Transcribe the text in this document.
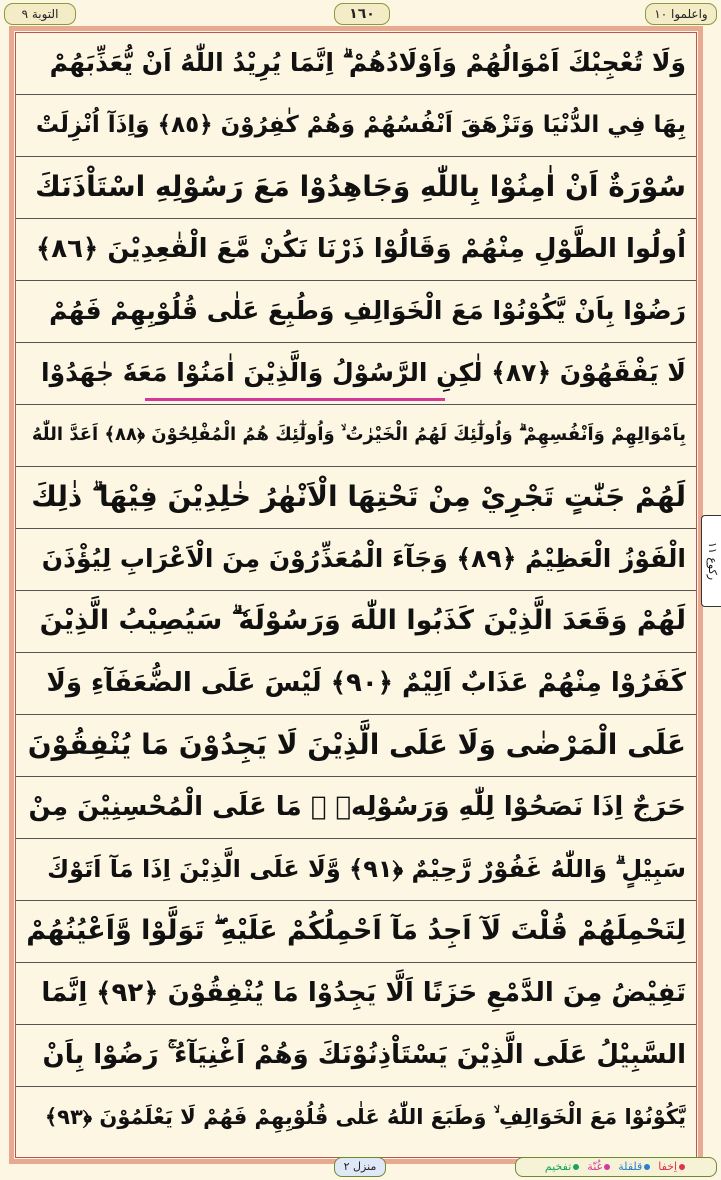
التوبة ٩	١٦٠	واعلموا ١٠
وَلَا تُعْجِبْكَ اَمْوَالُهُمْ وَاَوْلَادُهُمْ ۗ اِنَّمَا يُرِيْدُ اللّٰهُ اَنْ يُّعَذِّبَهُمْ
بِهَا فِي الدُّنْيَا وَتَزْهَقَ اَنْفُسُهُمْ وَهُمْ كٰفِرُوْنَ ﴿٨٥﴾ وَاِذَآ اُنْزِلَتْ
سُوْرَةٌ اَنْ اٰمِنُوْا بِاللّٰهِ وَجَاهِدُوْا مَعَ رَسُوْلِهِ اسْتَاْذَنَكَ
اُولُوا الطَّوْلِ مِنْهُمْ وَقَالُوْا ذَرْنَا نَكُنْ مَّعَ الْقٰعِدِيْنَ ﴿٨٦﴾
رَضُوْا بِاَنْ يَّكُوْنُوْا مَعَ الْخَوَالِفِ وَطُبِعَ عَلٰى قُلُوْبِهِمْ فَهُمْ
لَا يَفْقَهُوْنَ ﴿٨٧﴾ لٰكِنِ الرَّسُوْلُ وَالَّذِيْنَ اٰمَنُوْا مَعَهٗ جٰهَدُوْا
بِاَمْوَالِهِمْ وَاَنْفُسِهِمْ ۗ وَاُولٰٓئِكَ لَهُمُ الْخَيْرٰتُ ۙ وَاُولٰٓئِكَ هُمُ الْمُفْلِحُوْنَ ﴿٨٨﴾ اَعَدَّ اللّٰهُ
لَهُمْ جَنّٰتٍ تَجْرِيْ مِنْ تَحْتِهَا الْاَنْهٰرُ خٰلِدِيْنَ فِيْهَا ۗ ذٰلِكَ
الْفَوْزُ الْعَظِيْمُ ﴿٨٩﴾ وَجَآءَ الْمُعَذِّرُوْنَ مِنَ الْاَعْرَابِ لِيُؤْذَنَ
لَهُمْ وَقَعَدَ الَّذِيْنَ كَذَبُوا اللّٰهَ وَرَسُوْلَهٗ ۗ سَيُصِيْبُ الَّذِيْنَ
كَفَرُوْا مِنْهُمْ عَذَابٌ اَلِيْمٌ ﴿٩٠﴾ لَيْسَ عَلَى الضُّعَفَآءِ وَلَا
عَلَى الْمَرْضٰى وَلَا عَلَى الَّذِيْنَ لَا يَجِدُوْنَ مَا يُنْفِقُوْنَ
حَرَجٌ اِذَا نَصَحُوْا لِلّٰهِ وَرَسُوْلِهٖ ۗ مَا عَلَى الْمُحْسِنِيْنَ مِنْ
سَبِيْلٍ ۗ وَاللّٰهُ غَفُوْرٌ رَّحِيْمٌ ﴿٩١﴾ وَّلَا عَلَى الَّذِيْنَ اِذَا مَآ اَتَوْكَ
لِتَحْمِلَهُمْ قُلْتَ لَآ اَجِدُ مَآ اَحْمِلُكُمْ عَلَيْهِ ۖ تَوَلَّوْا وَّاَعْيُنُهُمْ
تَفِيْضُ مِنَ الدَّمْعِ حَزَنًا اَلَّا يَجِدُوْا مَا يُنْفِقُوْنَ ﴿٩٢﴾ اِنَّمَا
السَّبِيْلُ عَلَى الَّذِيْنَ يَسْتَاْذِنُوْنَكَ وَهُمْ اَغْنِيَآءُ ۚ رَضُوْا بِاَنْ
يَّكُوْنُوْا مَعَ الْخَوَالِفِ ۙ وَطَبَعَ اللّٰهُ عَلٰى قُلُوْبِهِمْ فَهُمْ لَا يَعْلَمُوْنَ ﴿٩٣﴾
ركوع ١١
منزل ٢	اِخفاقلقلةغُنّةتفخیم
